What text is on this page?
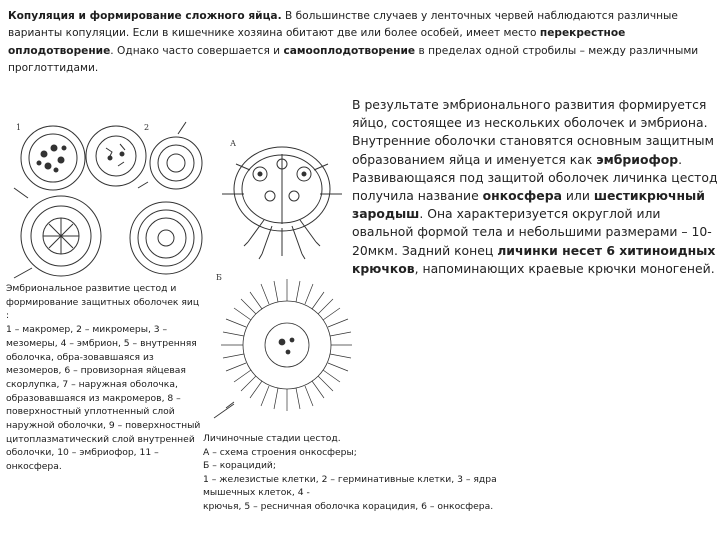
Копуляция и формирование сложного яйца. В большинстве случаев у ленточных червей наблюдаются различные варианты копуляции. Если в кишечнике хозяина обитают две или более особей, имеет место перекрестное оплодотворение. Однако часто совершается и самооплодотворение в пределах одной стробилы – между различными проглоттидами.
В результате эмбрионального развития формируется яйцо, состоящее из нескольких оболочек и эмбриона.
Внутренние оболочки становятся основным защитным образованием яйца и именуется как эмбриофор. Развивающаяся под защитой оболочек личинка цестод получила название онкосфера или шестикрючный зародыш. Она характеризуется округлой или овальной формой тела и небольшими размерами – 10-20мкм. Задний конец личинки несет 6 хитиноидных крючков, напоминающих краевые крючки моногеней.
1	2
А
Б
Эмбриональное развитие цестод и формирование защитных оболочек яиц :
1 – макромер, 2 – микромеры, 3 – мезомеры, 4 – эмбрион, 5 – внутренняя оболочка, обра-зовавшаяся из мезомеров, 6 – провизорная яйцевая скорлупка, 7 – наружная оболочка, образовавшаяся из макромеров, 8 – поверхностный уплотненный слой наружной оболочки, 9 – поверхностный цитоплазматический слой внутренней оболочки, 10 – эмбриофор, 11 – онкосфера.
Личиночные стадии цестод.
А – схема строения онкосферы;
Б – корацидий;
1 – железистые клетки, 2 – герминативные клетки, 3 – ядра мышечных клеток, 4 -
крючья, 5 – ресничная оболочка корацидия, 6 – онкосфера.
